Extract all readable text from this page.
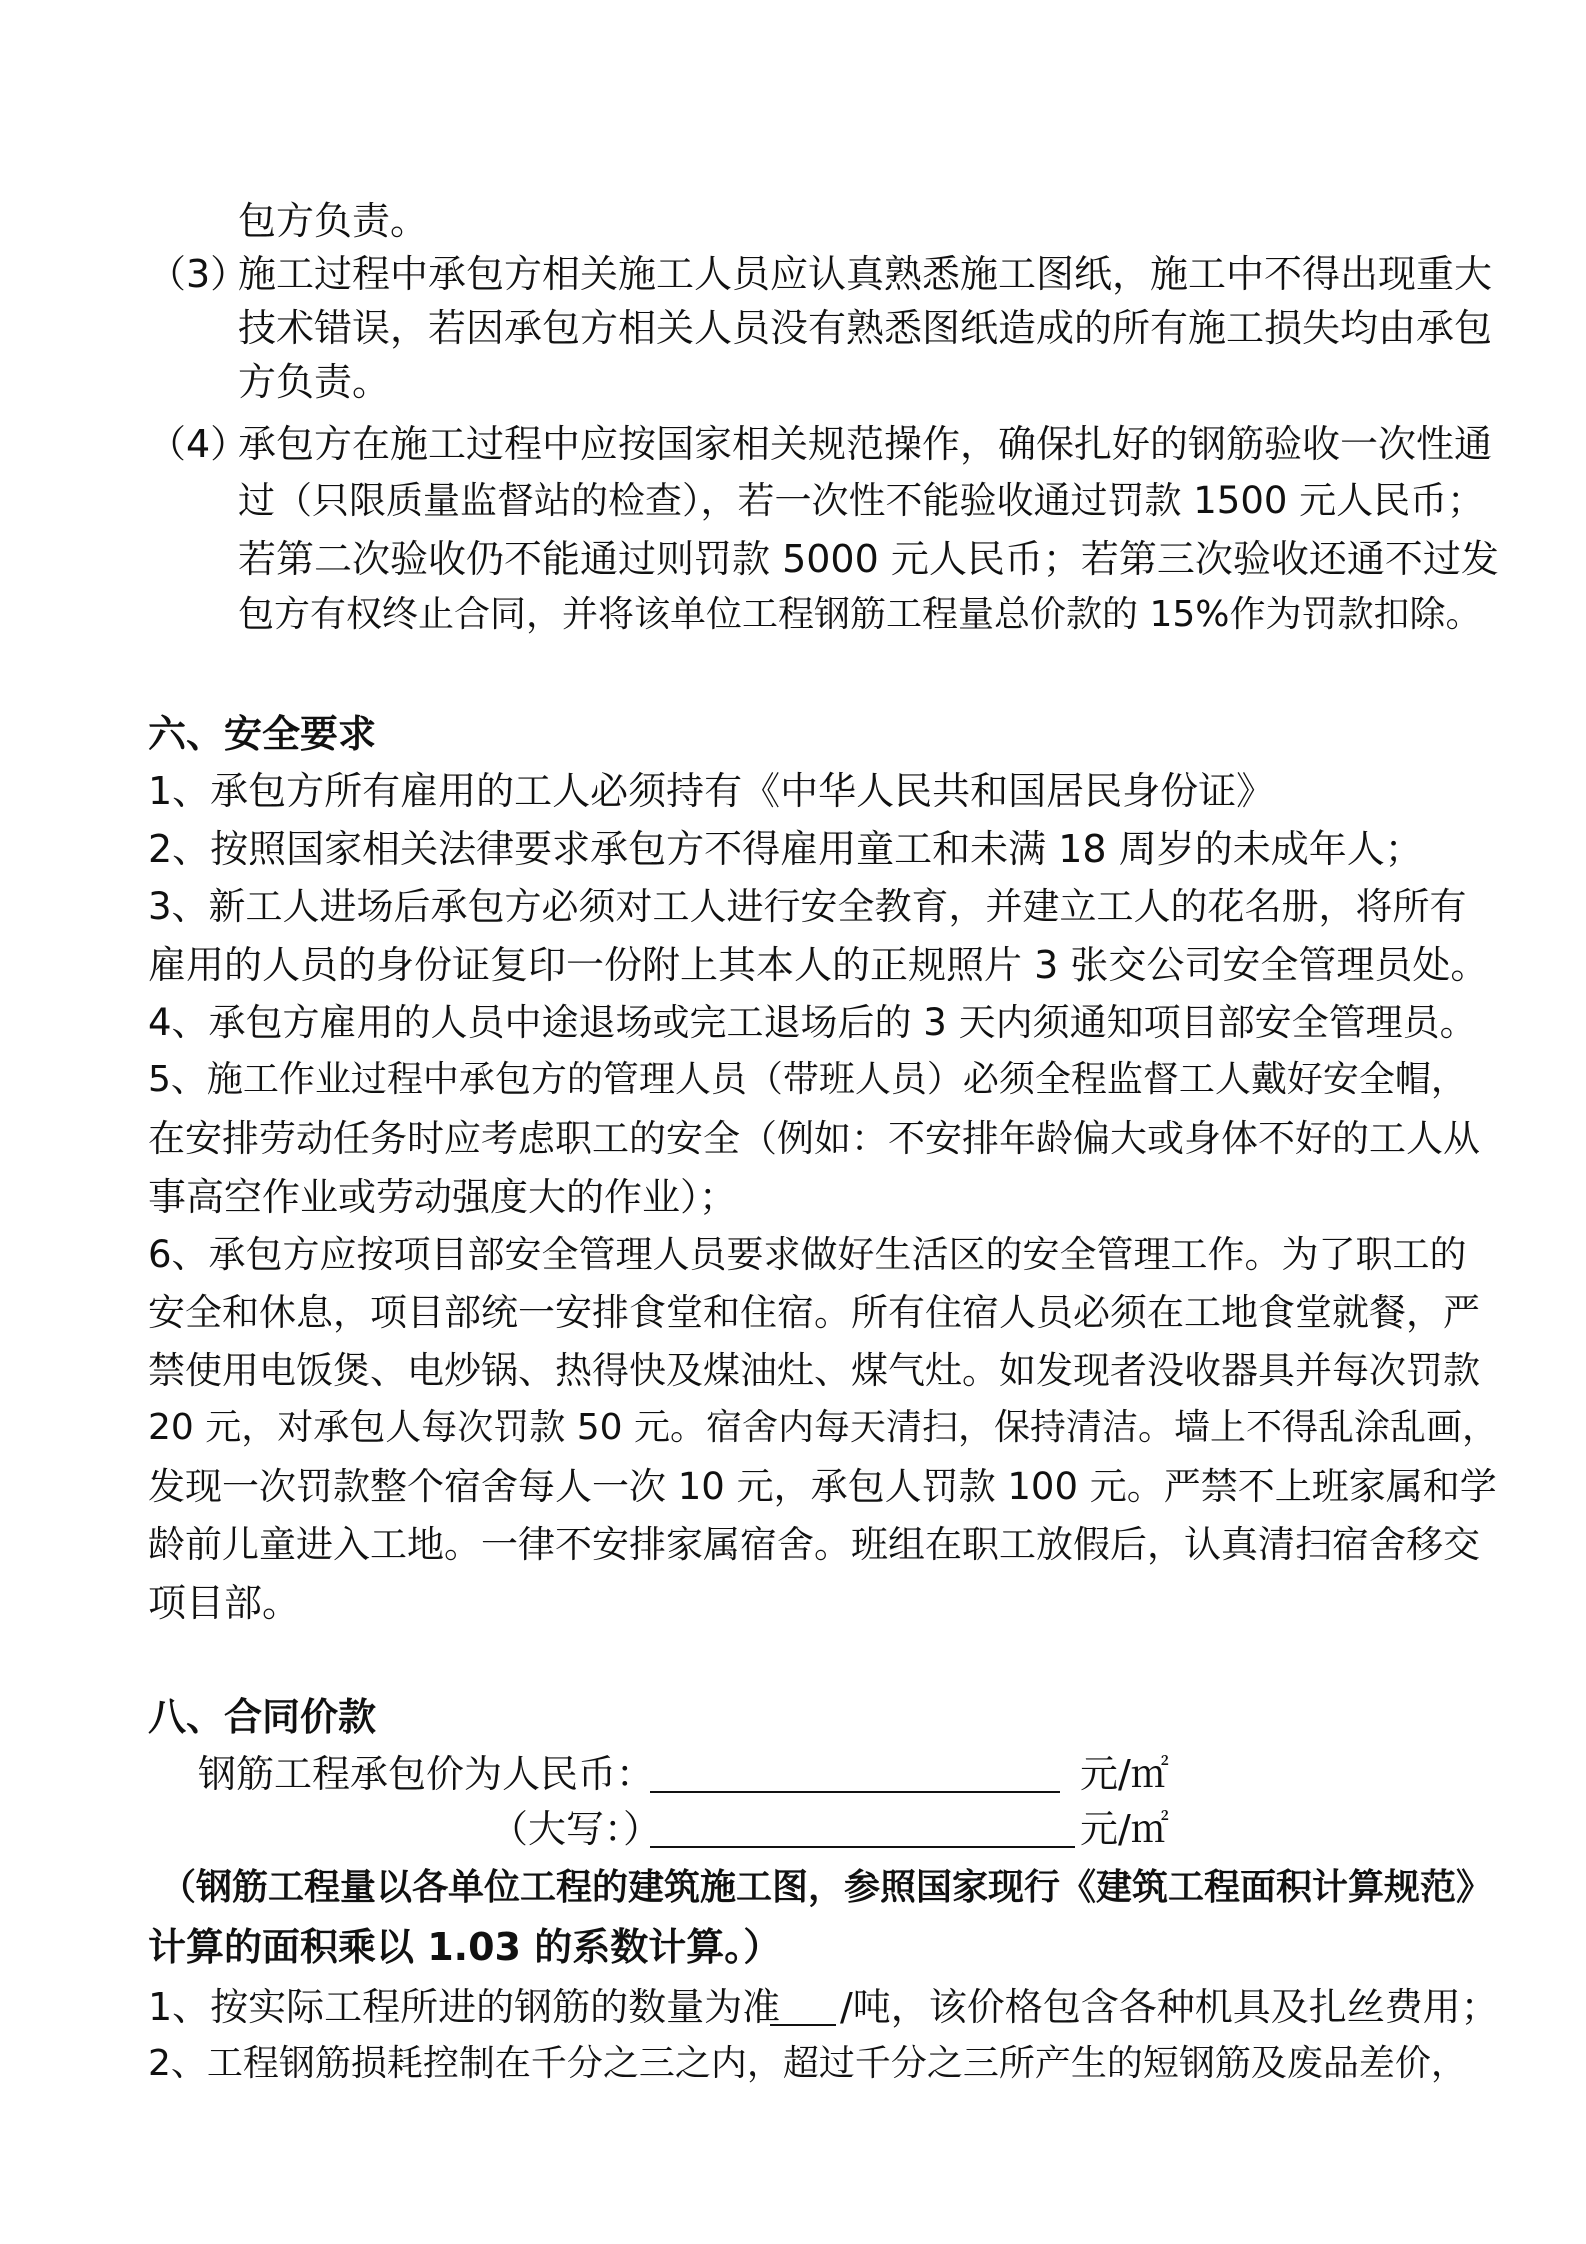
包方负责。
（3）
施工过程中承包方相关施工人员应认真熟悉施工图纸，施工中不得出现重大
技术错误，若因承包方相关人员没有熟悉图纸造成的所有施工损失均由承包
方负责。
（4）
承包方在施工过程中应按国家相关规范操作，确保扎好的钢筋验收一次性通
过（只限质量监督站的检查），若一次性不能验收通过罚款 1500 元人民币；
若第二次验收仍不能通过则罚款 5000 元人民币；若第三次验收还通不过发
包方有权终止合同，并将该单位工程钢筋工程量总价款的 15%作为罚款扣除。
六、安全要求
1、承包方所有雇用的工人必须持有《中华人民共和国居民身份证》
2、按照国家相关法律要求承包方不得雇用童工和未满 18 周岁的未成年人；
3、新工人进场后承包方必须对工人进行安全教育，并建立工人的花名册，将所有
雇用的人员的身份证复印一份附上其本人的正规照片 3 张交公司安全管理员处。
4、承包方雇用的人员中途退场或完工退场后的 3 天内须通知项目部安全管理员。
5、施工作业过程中承包方的管理人员（带班人员）必须全程监督工人戴好安全帽，
在安排劳动任务时应考虑职工的安全（例如：不安排年龄偏大或身体不好的工人从
事高空作业或劳动强度大的作业）；
6、承包方应按项目部安全管理人员要求做好生活区的安全管理工作。为了职工的
安全和休息，项目部统一安排食堂和住宿。所有住宿人员必须在工地食堂就餐，严
禁使用电饭煲、电炒锅、热得快及煤油灶、煤气灶。如发现者没收器具并每次罚款
20 元，对承包人每次罚款 50 元。宿舍内每天清扫，保持清洁。墙上不得乱涂乱画，
发现一次罚款整个宿舍每人一次 10 元，承包人罚款 100 元。严禁不上班家属和学
龄前儿童进入工地。一律不安排家属宿舍。班组在职工放假后，认真清扫宿舍移交
项目部。
八、合同价款
钢筋工程承包价为人民币：	元/㎡
（大写：）	元/㎡
（钢筋工程量以各单位工程的建筑施工图，参照国家现行《建筑工程面积计算规范》
计算的面积乘以 1.03 的系数计算。）
1、按实际工程所进的钢筋的数量为准 /吨，该价格包含各种机具及扎丝费用；
2、工程钢筋损耗控制在千分之三之内，超过千分之三所产生的短钢筋及废品差价，
